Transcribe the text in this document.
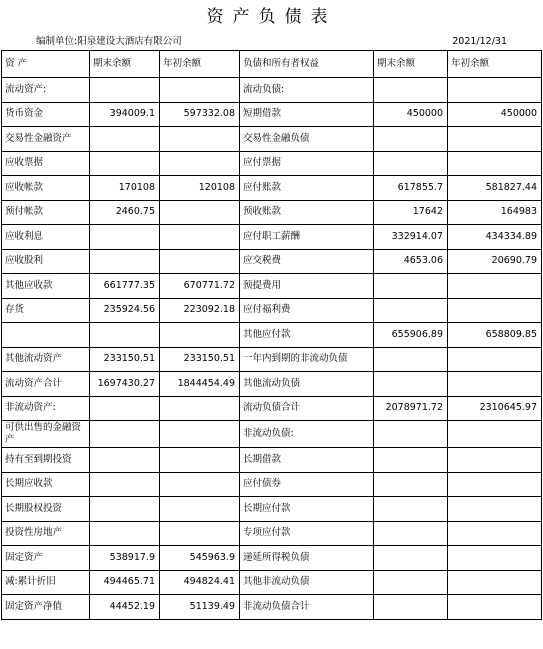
资产负债表
编制单位:阳泉建设大酒店有限公司	2021/12/31
资 产	期末余额	年初余额	负债和所有者权益	期末余额	年初余额
流动资产:			流动负债:		
货币资金	394009.1	597332.08	短期借款	450000	450000
交易性金融资产			交易性金融负债		
应收票据			应付票据		
应收帐款	170108	120108	应付账款	617855.7	581827.44
预付帐款	2460.75		预收账款	17642	164983
应收利息			应付职工薪酬	332914.07	434334.89
应收股利			应交税费	4653.06	20690.79
其他应收款	661777.35	670771.72	预提费用		
存货	235924.56	223092.18	应付福利费		
			其他应付款	655906.89	658809.85
其他流动资产	233150.51	233150.51	一年内到期的非流动负债		
流动资产合计	1697430.27	1844454.49	其他流动负债		
非流动资产:			流动负债合计	2078971.72	2310645.97
可供出售的金融资产			非流动负债:		
持有至到期投资			长期借款		
长期应收款			应付债券		
长期股权投资			长期应付款		
投资性房地产			专项应付款		
固定资产	538917.9	545963.9	递延所得税负债		
减:累计折旧	494465.71	494824.41	其他非流动负债		
固定资产净值	44452.19	51139.49	非流动负债合计		
